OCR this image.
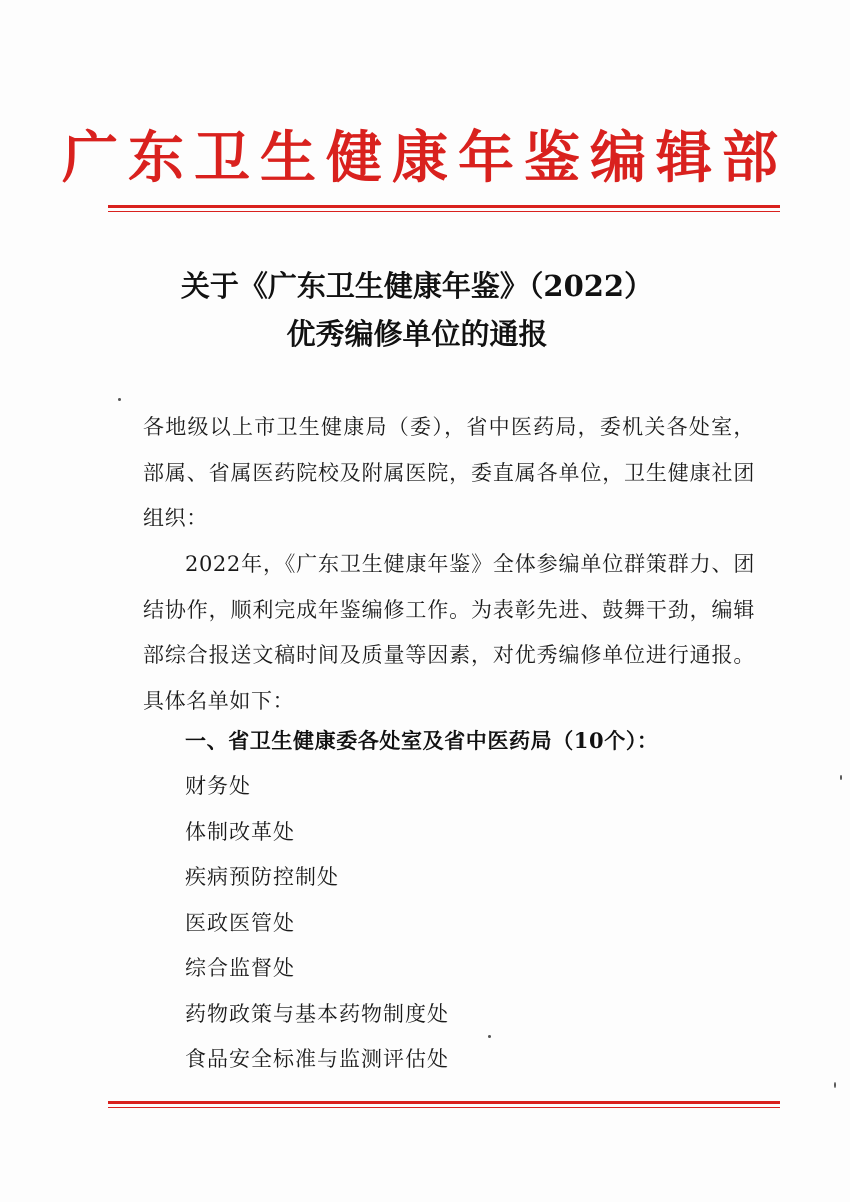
广东卫生健康年鉴编辑部
关于《广东卫生健康年鉴》（2022）
优秀编修单位的通报
各地级以上市卫生健康局（委），省中医药局，委机关各处室，部属、省属医药院校及附属医院，委直属各单位，卫生健康社团组织：
2022年，《广东卫生健康年鉴》全体参编单位群策群力、团结协作，顺利完成年鉴编修工作。为表彰先进、鼓舞干劲，编辑部综合报送文稿时间及质量等因素，对优秀编修单位进行通报。具体名单如下：
一、省卫生健康委各处室及省中医药局（10个）：
财务处
体制改革处
疾病预防控制处
医政医管处
综合监督处
药物政策与基本药物制度处
食品安全标准与监测评估处
